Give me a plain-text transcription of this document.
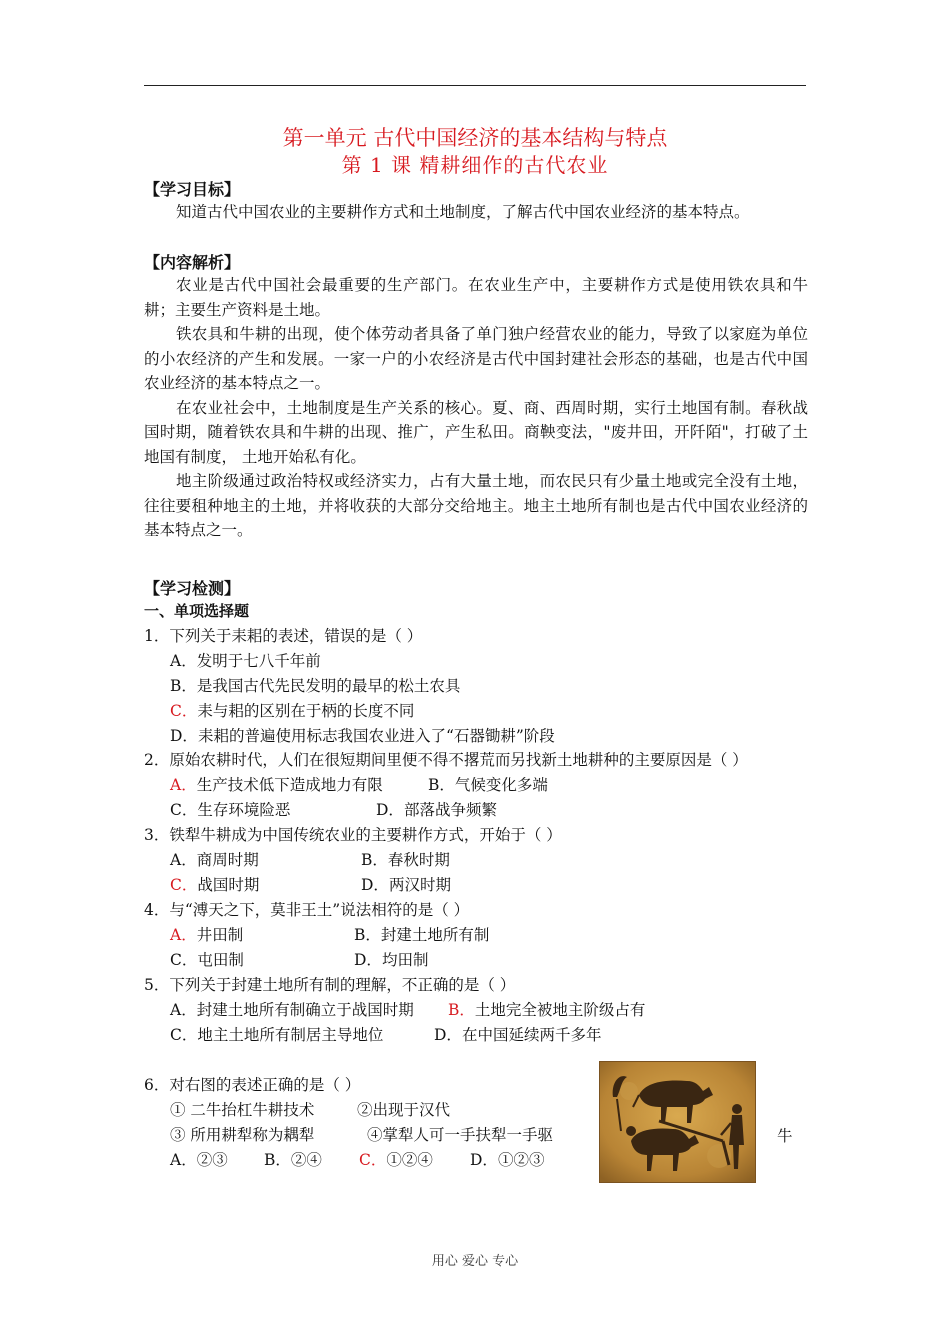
第一单元 古代中国经济的基本结构与特点
第 1 课 精耕细作的古代农业
【学习目标】

知道古代中国农业的主要耕作方式和土地制度，了解古代中国农业经济的基本特点。

【内容解析】

农业是古代中国社会最重要的生产部门。在农业生产中，主要耕作方式是使用铁农具和牛耕；主要生产资料是土地。

铁农具和牛耕的出现，使个体劳动者具备了单门独户经营农业的能力，导致了以家庭为单位的小农经济的产生和发展。一家一户的小农经济是古代中国封建社会形态的基础，也是古代中国农业经济的基本特点之一。

在农业社会中，土地制度是生产关系的核心。夏、商、西周时期，实行土地国有制。春秋战国时期，随着铁农具和牛耕的出现、推广，产生私田。商鞅变法，"废井田，开阡陌"，打破了土地国有制度， 土地开始私有化。

地主阶级通过政治特权或经济实力，占有大量土地，而农民只有少量土地或完全没有土地，往往要租种地主的土地，并将收获的大部分交给地主。地主土地所有制也是古代中国农业经济的基本特点之一。

【学习检测】
一、单项选择题
1．下列关于耒耜的表述，错误的是（ ）
A．发明于七八千年前
B．是我国古代先民发明的最早的松土农具
C．耒与耜的区别在于柄的长度不同
D．耒耜的普遍使用标志我国农业进入了“石器锄耕”阶段
2．原始农耕时代，人们在很短期间里便不得不撂荒而另找新土地耕种的主要原因是（ ）
A．生产技术低下造成地力有限	B．气候变化多端
C．生存环境险恶	D．部落战争频繁
3．铁犁牛耕成为中国传统农业的主要耕作方式，开始于（ ）
A．商周时期	B．春秋时期
C．战国时期	D．两汉时期
4．与“溥天之下，莫非王土”说法相符的是（ ）
A．井田制	B．封建土地所有制
C．屯田制	D．均田制
5．下列关于封建土地所有制的理解，不正确的是（ ）
A．封建土地所有制确立于战国时期 B．土地完全被地主阶级占有
C．地主土地所有制居主导地位	D．在中国延续两千多年
6．对右图的表述正确的是（ ）
① 二牛抬杠牛耕技术	②出现于汉代
③ 所用耕犁称为耦犁	④掌犁人可一手扶犁一手驱	牛
A．②③ B．②④ C．①②④ D．①②③
用心 爱心 专心
